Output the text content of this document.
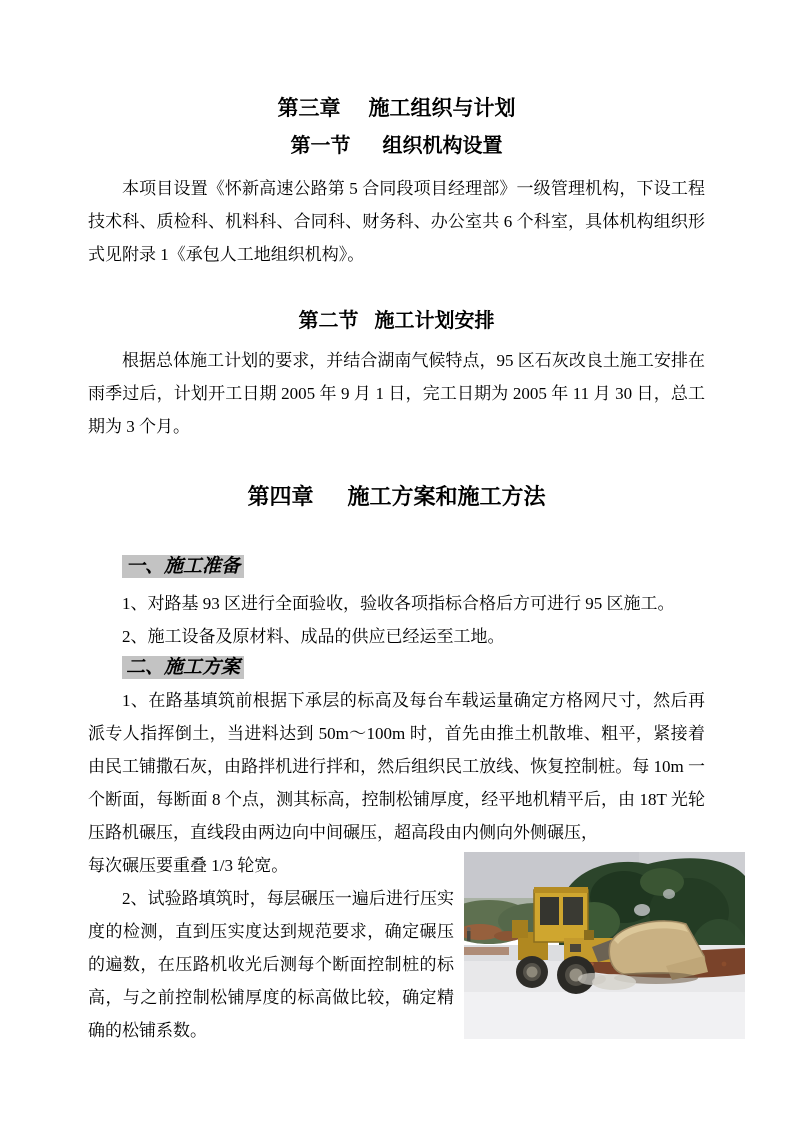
第三章 施工组织与计划
第一节 组织机构设置

本项目设置《怀新高速公路第 5 合同段项目经理部》一级管理机构，下设工程技术科、质检科、机料科、合同科、财务科、办公室共 6 个科室，具体机构组织形式见附录 1《承包人工地组织机构》。

第二节 施工计划安排

根据总体施工计划的要求，并结合湖南气候特点，95 区石灰改良土施工安排在雨季过后，计划开工日期 2005 年 9 月 1 日，完工日期为 2005 年 11 月 30 日，总工期为 3 个月。

第四章 施工方案和施工方法

一、施工准备

1、对路基 93 区进行全面验收，验收各项指标合格后方可进行 95 区施工。

2、施工设备及原材料、成品的供应已经运至工地。

二、施工方案

1、在路基填筑前根据下承层的标高及每台车载运量确定方格网尺寸，然后再派专人指挥倒土，当进料达到 50m～100m 时，首先由推土机散堆、粗平，紧接着由民工铺撒石灰，由路拌机进行拌和，然后组织民工放线、恢复控制桩。每 10m 一个断面，每断面 8 个点，测其标高，控制松铺厚度，经平地机精平后，由 18T 光轮压路机碾压，直线段由两边向中间碾压，超高段由内侧向外侧碾压，

每次碾压要重叠 1/3 轮宽。

2、试验路填筑时，每层碾压一遍后进行压实度的检测，直到压实度达到规范要求，确定碾压的遍数，在压路机收光后测每个断面控制桩的标高，与之前控制松铺厚度的标高做比较，确定精确的松铺系数。
